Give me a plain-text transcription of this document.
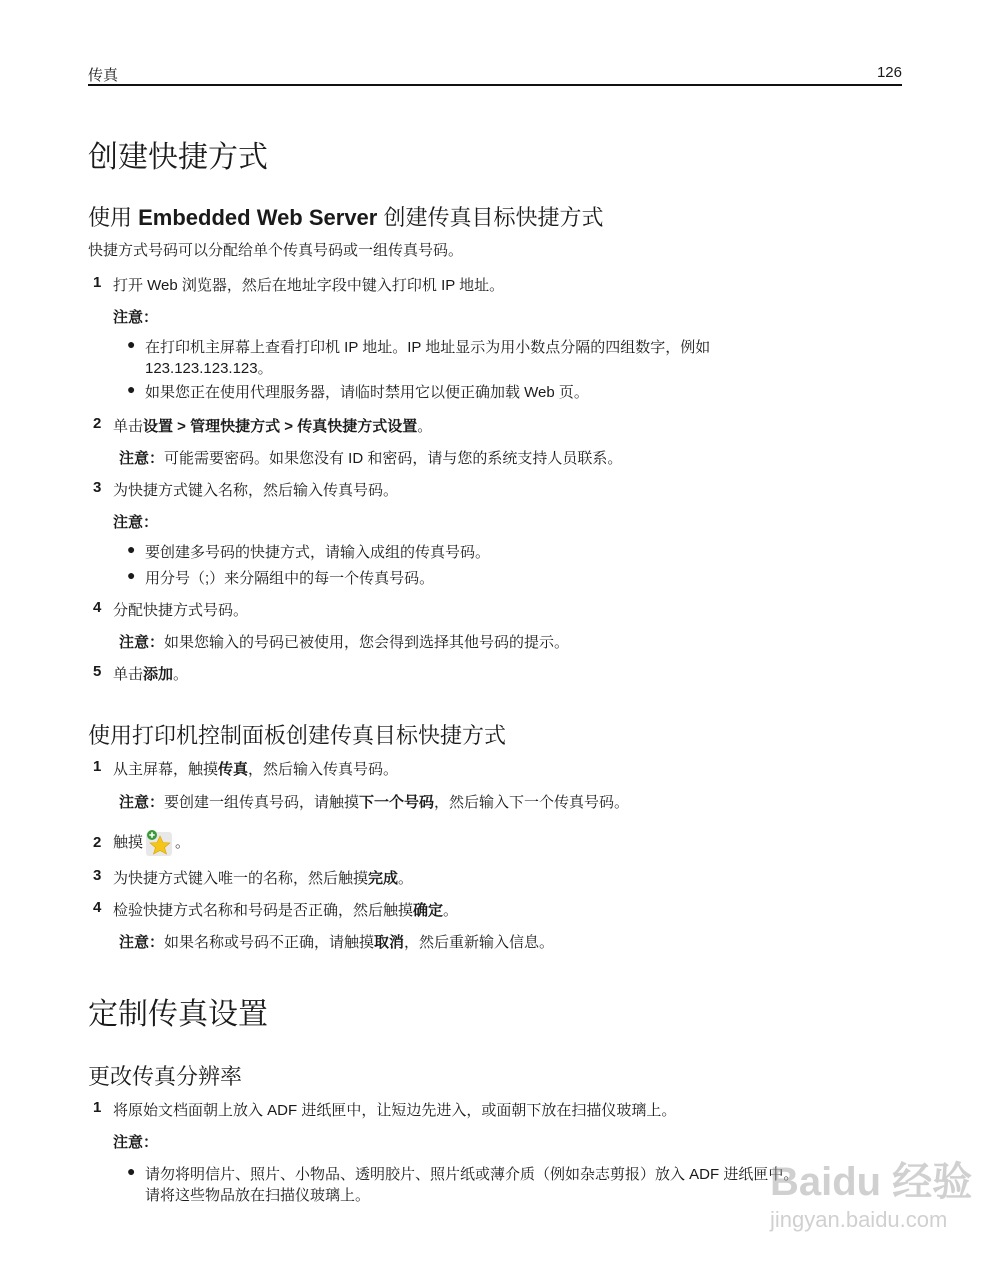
传真	126
创建快捷方式
使用 Embedded Web Server 创建传真目标快捷方式
快捷方式号码可以分配给单个传真号码或一组传真号码。
1 打开 Web 浏览器，然后在地址字段中键入打印机 IP 地址。
注意：
● 在打印机主屏幕上查看打印机 IP 地址。IP 地址显示为用小数点分隔的四组数字，例如
123.123.123.123。
● 如果您正在使用代理服务器，请临时禁用它以便正确加载 Web 页。
2 单击设置 > 管理快捷方式 > 传真快捷方式设置。
注意：可能需要密码。如果您没有 ID 和密码，请与您的系统支持人员联系。
3 为快捷方式键入名称，然后输入传真号码。
注意：
● 要创建多号码的快捷方式，请输入成组的传真号码。
● 用分号（;）来分隔组中的每一个传真号码。
4 分配快捷方式号码。
注意：如果您输入的号码已被使用，您会得到选择其他号码的提示。
5 单击添加。
使用打印机控制面板创建传真目标快捷方式
1 从主屏幕，触摸传真，然后输入传真号码。
注意：要创建一组传真号码，请触摸下一个号码，然后输入下一个传真号码。
2 触摸 。
3 为快捷方式键入唯一的名称，然后触摸完成。
4 检验快捷方式名称和号码是否正确，然后触摸确定。
注意：如果名称或号码不正确，请触摸取消，然后重新输入信息。
定制传真设置
更改传真分辨率
1 将原始文档面朝上放入 ADF 进纸匣中，让短边先进入，或面朝下放在扫描仪玻璃上。
注意：
● 请勿将明信片、照片、小物品、透明胶片、照片纸或薄介质（例如杂志剪报）放入 ADF 进纸匣中。
请将这些物品放在扫描仪玻璃上。	Baidu 经验
jingyan.baidu.com
